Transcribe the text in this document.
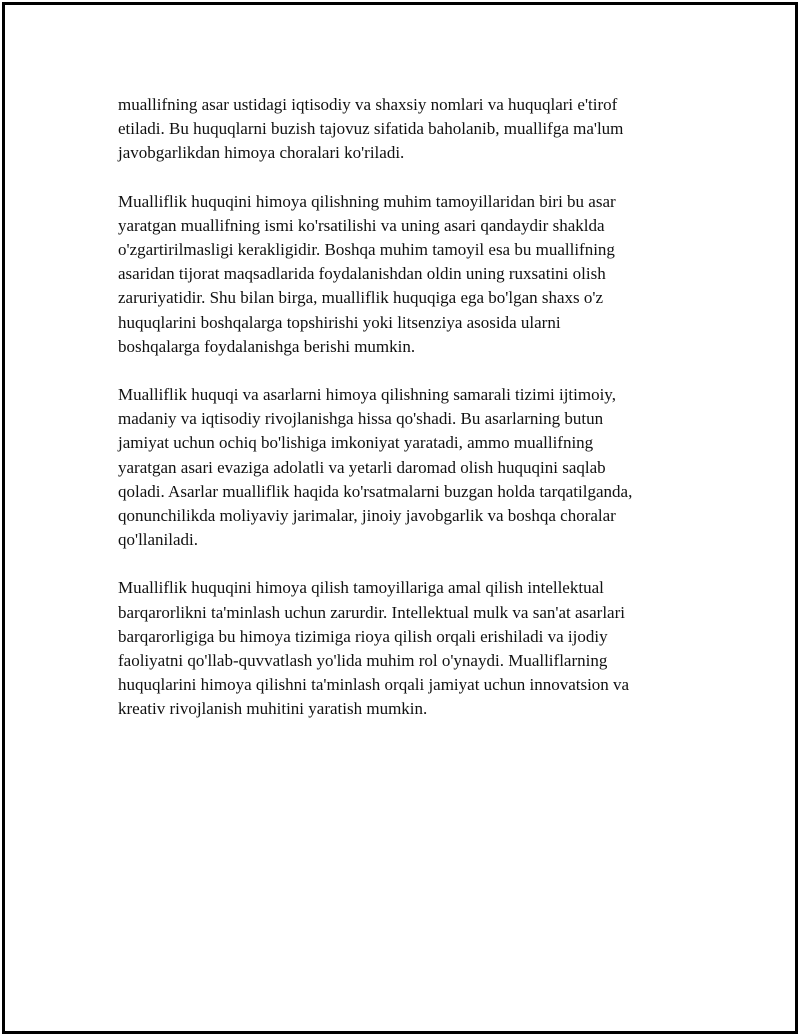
muallifning asar ustidagi iqtisodiy va shaxsiy nomlari va huquqlari e'tirof
etiladi. Bu huquqlarni buzish tajovuz sifatida baholanib, muallifga ma'lum
javobgarlikdan himoya choralari ko'riladi.

Mualliflik huquqini himoya qilishning muhim tamoyillaridan biri bu asar
yaratgan muallifning ismi ko'rsatilishi va uning asari qandaydir shaklda
o'zgartirilmasligi kerakligidir. Boshqa muhim tamoyil esa bu muallifning
asaridan tijorat maqsadlarida foydalanishdan oldin uning ruxsatini olish
zaruriyatidir. Shu bilan birga, mualliflik huquqiga ega bo'lgan shaxs o'z
huquqlarini boshqalarga topshirishi yoki litsenziya asosida ularni
boshqalarga foydalanishga berishi mumkin.

Mualliflik huquqi va asarlarni himoya qilishning samarali tizimi ijtimoiy,
madaniy va iqtisodiy rivojlanishga hissa qo'shadi. Bu asarlarning butun
jamiyat uchun ochiq bo'lishiga imkoniyat yaratadi, ammo muallifning
yaratgan asari evaziga adolatli va yetarli daromad olish huquqini saqlab
qoladi. Asarlar mualliflik haqida ko'rsatmalarni buzgan holda tarqatilganda,
qonunchilikda moliyaviy jarimalar, jinoiy javobgarlik va boshqa choralar
qo'llaniladi.

Mualliflik huquqini himoya qilish tamoyillariga amal qilish intellektual
barqarorlikni ta'minlash uchun zarurdir. Intellektual mulk va san'at asarlari
barqarorligiga bu himoya tizimiga rioya qilish orqali erishiladi va ijodiy
faoliyatni qo'llab-quvvatlash yo'lida muhim rol o'ynaydi. Mualliflarning
huquqlarini himoya qilishni ta'minlash orqali jamiyat uchun innovatsion va
kreativ rivojlanish muhitini yaratish mumkin.
